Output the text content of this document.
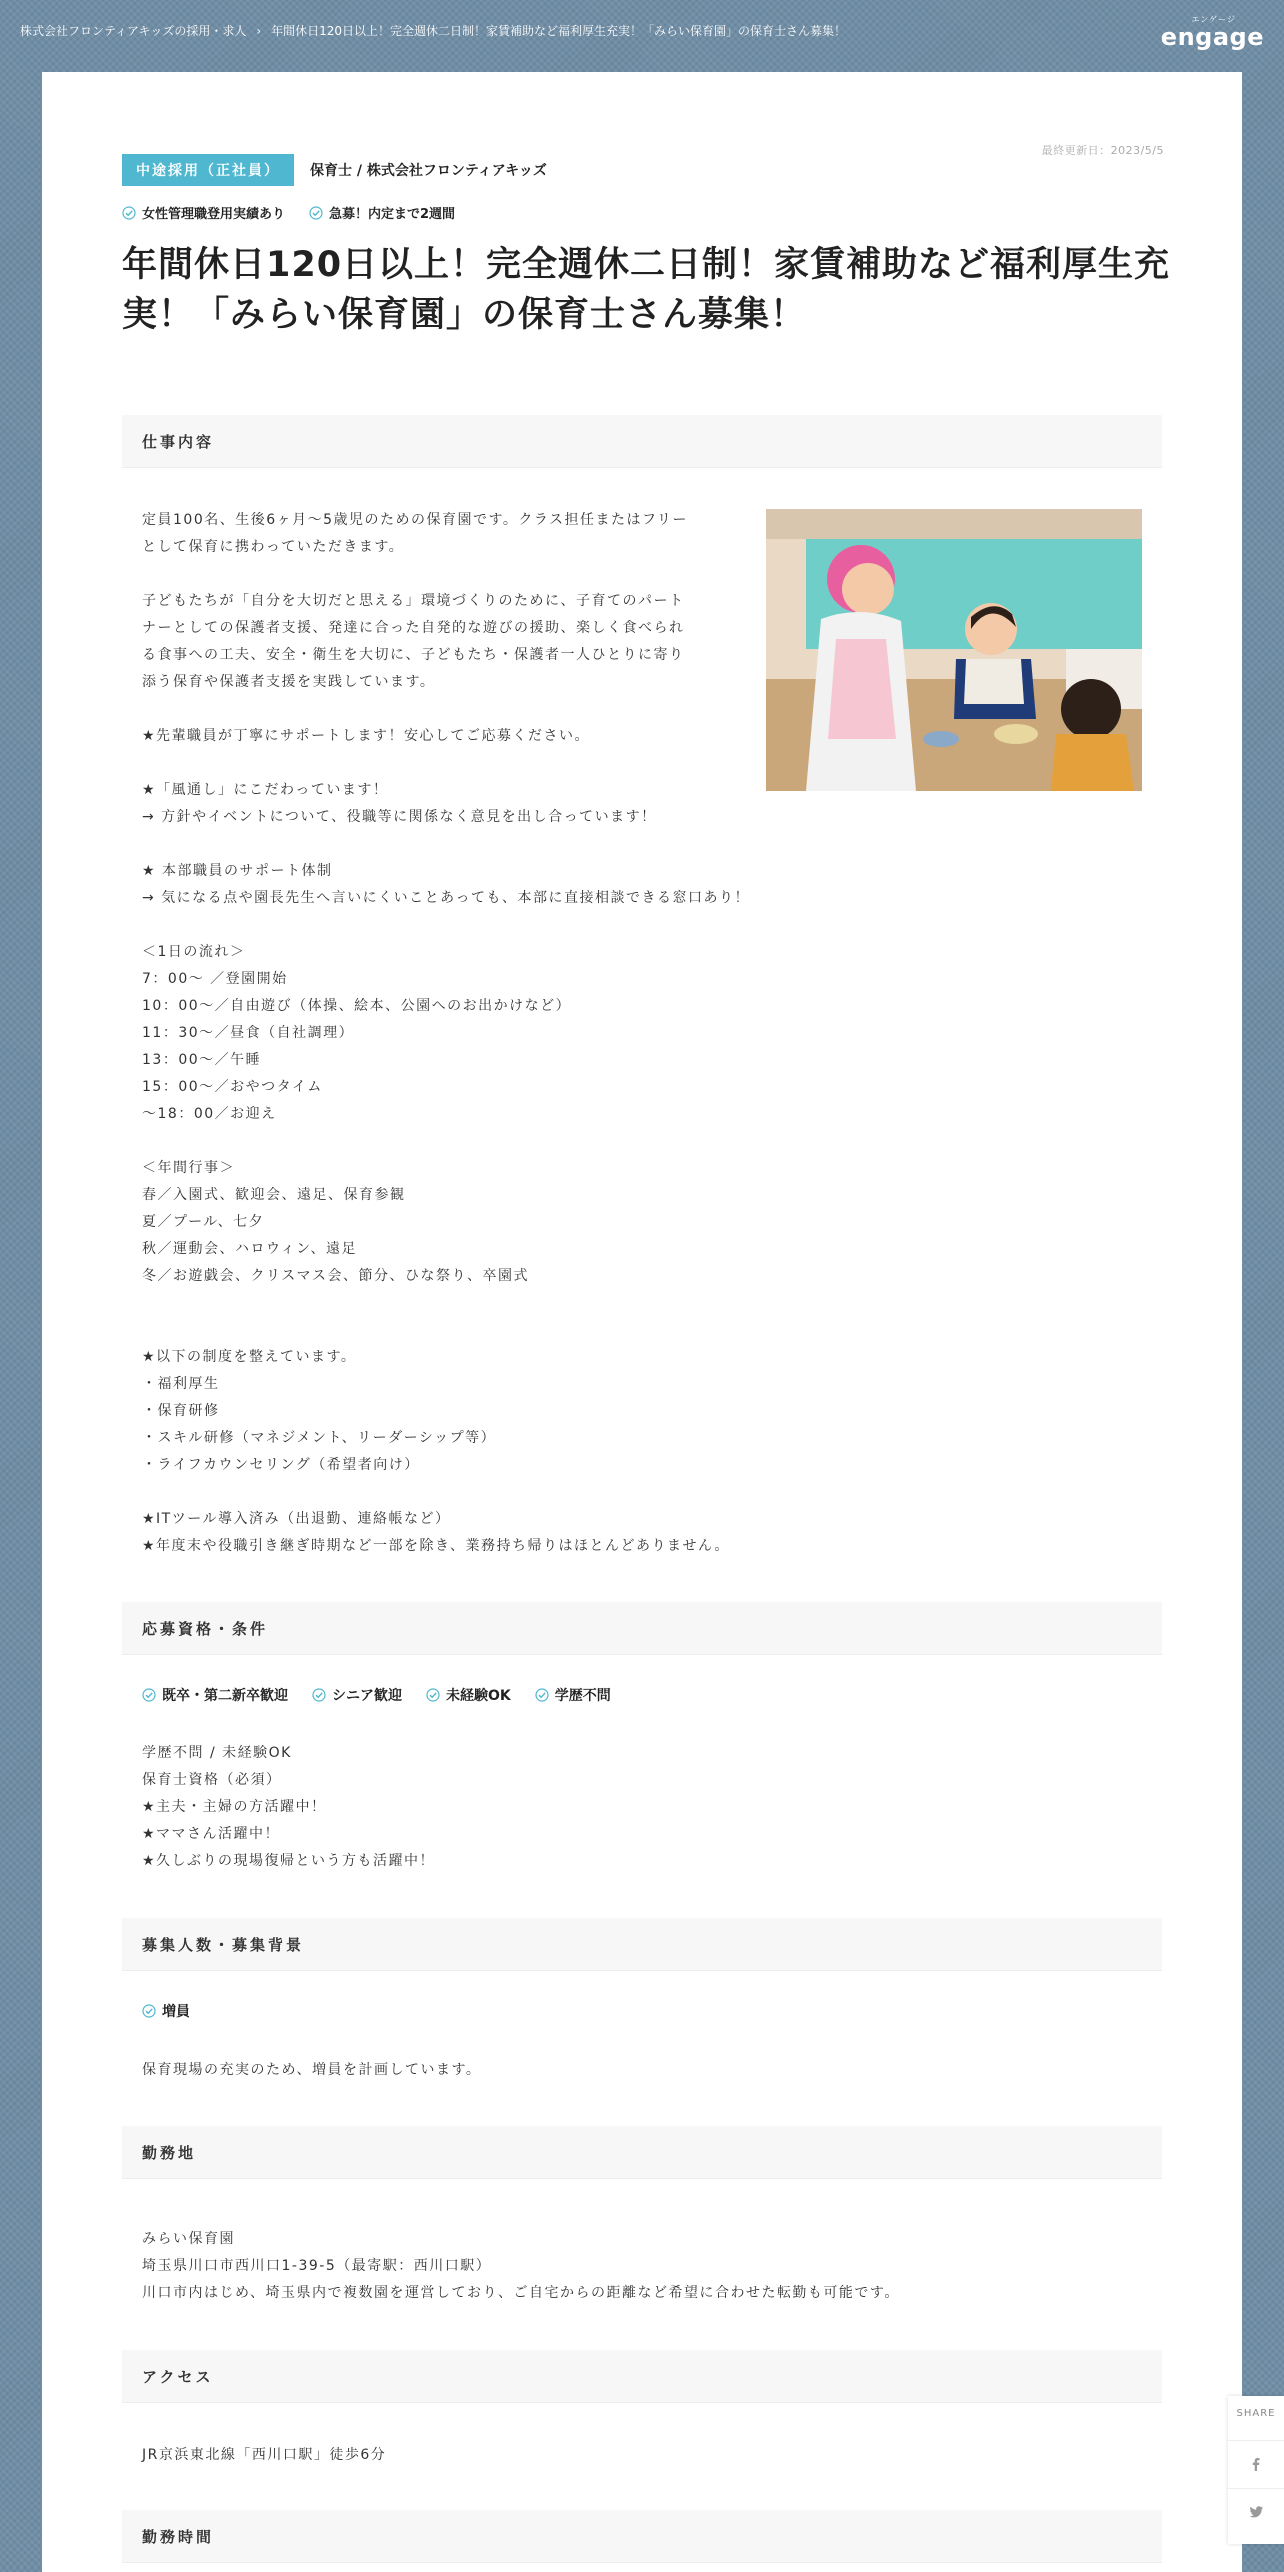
株式会社フロンティアキッズの採用・求人 › 年間休日120日以上！完全週休二日制！家賃補助など福利厚生充実！「みらい保育園」の保育士さん募集！
エンゲージ
engage
最終更新日：2023/5/5
中途採用（正社員）	保育士 / 株式会社フロンティアキッズ
女性管理職登用実績あり	急募！内定まで2週間
年間休日120日以上！完全週休二日制！家賃補助など福利厚生充実！「みらい保育園」の保育士さん募集！
仕事内容

定員100名、生後6ヶ月～5歳児のための保育園です。クラス担任またはフリー
として保育に携わっていただきます。

子どもたちが「自分を大切だと思える」環境づくりのために、子育てのパート
ナーとしての保護者支援、発達に合った自発的な遊びの援助、楽しく食べられ
る食事への工夫、安全・衛生を大切に、子どもたち・保護者一人ひとりに寄り
添う保育や保護者支援を実践しています。

★先輩職員が丁寧にサポートします！安心してご応募ください。

★「風通し」にこだわっています！
→ 方針やイベントについて、役職等に関係なく意見を出し合っています！

★ 本部職員のサポート体制
→ 気になる点や園長先生へ言いにくいことあっても、本部に直接相談できる窓口あり！

＜1日の流れ＞
7：00～ ／登園開始
10：00～／自由遊び（体操、絵本、公園へのお出かけなど）
11：30～／昼食（自社調理）
13：00～／午睡
15：00～／おやつタイム
～18：00／お迎え

＜年間行事＞
春／入園式、歓迎会、遠足、保育参観
夏／プール、七夕
秋／運動会、ハロウィン、遠足
冬／お遊戯会、クリスマス会、節分、ひな祭り、卒園式

★以下の制度を整えています。
・福利厚生
・保育研修
・スキル研修（マネジメント、リーダーシップ等）
・ライフカウンセリング（希望者向け）

★ITツール導入済み（出退勤、連絡帳など）
★年度末や役職引き継ぎ時期など一部を除き、業務持ち帰りはほとんどありません。

応募資格・条件
既卒・第二新卒歓迎	シニア歓迎	未経験OK	学歴不問

学歴不問 / 未経験OK
保育士資格（必須）
★主夫・主婦の方活躍中！
★ママさん活躍中！
★久しぶりの現場復帰という方も活躍中！

募集人数・募集背景
増員

保育現場の充実のため、増員を計画しています。

勤務地

みらい保育園
埼玉県川口市西川口1-39-5（最寄駅：西川口駅）
川口市内はじめ、埼玉県内で複数園を運営しており、ご自宅からの距離など希望に合わせた転勤も可能です。

アクセス

JR京浜東北線「西川口駅」徒歩6分

勤務時間
SHARE
